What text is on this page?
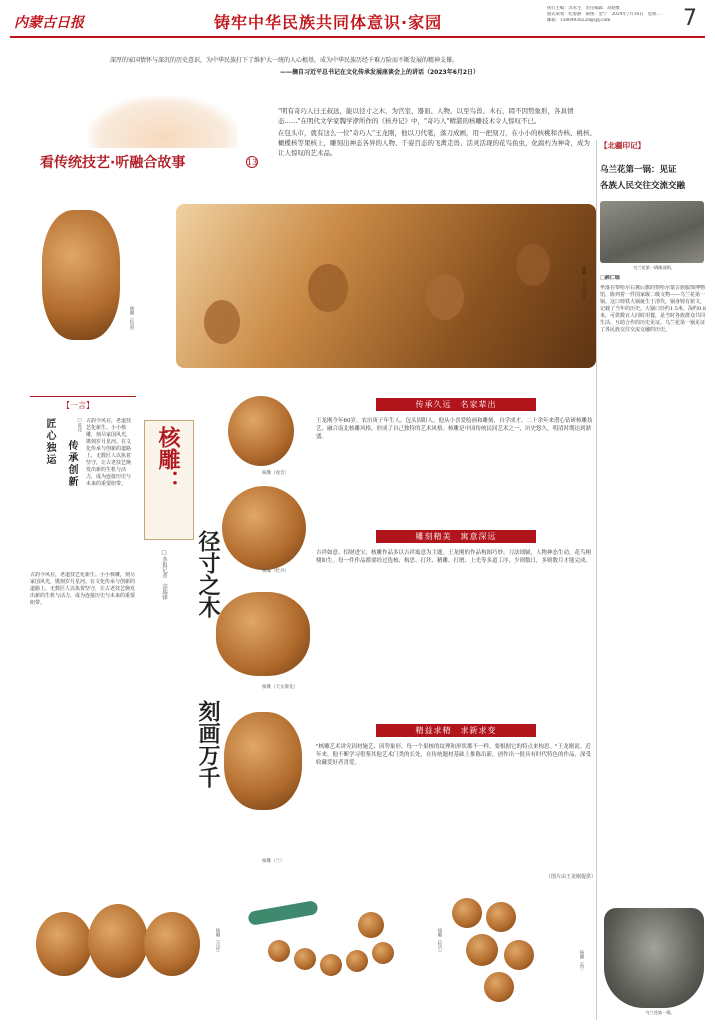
内蒙古日报	铸牢中华民族共同体意识·家园
执行主编：苏永生　责任编辑：高晓惟
版式策划：纪蓉静　制图：金宁　2024年7月16日　星期二
邮箱：15864938228@qq.com	7
深厚的家国情怀与深沉的历史意识，为中华民族打下了维护大一统的人心根基，成为中华民族历经千难万险而不断发展的精神支撑。
——摘自习近平总书记在文化传承发展座谈会上的讲话（2023年6月2日）
看传统技艺·听融合故事	13
"明有奇巧人曰王叔远，能以径寸之木，为宫室、器皿、人物，以至鸟兽、木石，罔不因势象形，各具情态……"在明代文学家魏学洢所作的《核舟记》中，"奇巧人"精湛的核雕技术令人惊叹不已。
在包头市，就有这么一位"奇巧人"王龙刚，他以刀代笔，落刀成画，用一把刻刀，在小小的核桃和杏核、桃核、橄榄核等果核上，雕刻出神态各异的人物、千姿百态的飞禽走兽、活灵活现的花鸟鱼虫，化腐朽为神奇，成为让人惊叹的艺术品。
【北疆印记】
乌兰花第一锅：见证
各族人民交往交流交融
乌兰花第一锅细部图。
□郝仁瑞
坐落在察哈尔右翼后旗的察哈尔蒙古族服饰博物馆，陈列着一件国家级二级文物——乌兰花第一锅。这口铸铁大锅诞生于清代，锅身铸有铭文，记载了当年的历史。大锅口径约1.5米，深约0.8米，可供数百人同时用餐，是当时各族群众共同生活、互助合作的历史见证。乌兰花第一锅见证了各民族交往交流交融的历史。
乌兰花第一锅。
核雕（松鼠）
核雕（十八罗汉）
【一言】
匠心独运 传承创新
□陈佳 古韵今风在，老道技艺化新生。小小核雕，刻尽家国风光，镌刻岁月星河。在文化传承与创新的道路上，无数匠人以执着坚守，让古老技艺焕发出新的生机与活力，成为连接历史与未来的重要纽带。
古韵今风在，老道技艺化新生。小小核雕，刻尽家国风光，镌刻岁月星河。在文化传承与创新的道路上，无数匠人以执着坚守，让古老技艺焕发出新的生机与活力，成为连接历史与未来的重要纽带。
核雕：
径寸之木
刻画万千
□本报记者　高瑞锋
核雕（观音）
核雕（牡丹）
核雕（天女散花）
核雕（兰）
传承久远　名家辈出
王龙刚今年60岁，农历庚子年生人，包头固阳人。他从小喜爱绘画和雕刻，自学成才，二十余年来潜心钻研核雕技艺，融合南北核雕风格，形成了自己独特的艺术风格。核雕是中国传统民间艺术之一，历史悠久，明清时期达到鼎盛。
雕刻精美　寓意深远
吉祥如意、招财进宝，核雕作品多以吉祥寓意为主题。王龙刚的作品构图巧妙、刀法细腻，人物神态生动，花鸟栩栩如生。每一件作品都要经过选核、构思、打坯、精雕、打磨、上光等多道工序，少则数日，多则数月才能完成。
精益求精　求新求变
"核雕艺术讲究因材施艺、因势象形，每一个果核的纹理和形状都不一样，要根据它的特点来构思。"王龙刚说。近年来，他不断学习借鉴其他艺术门类的长处，在传统题材基础上推陈出新，创作出一批具有时代特色的作品，深受收藏爱好者喜爱。
（图片由王龙刚提供）
核雕（吉祥）	核雕（松竹）
核雕（鱼）
